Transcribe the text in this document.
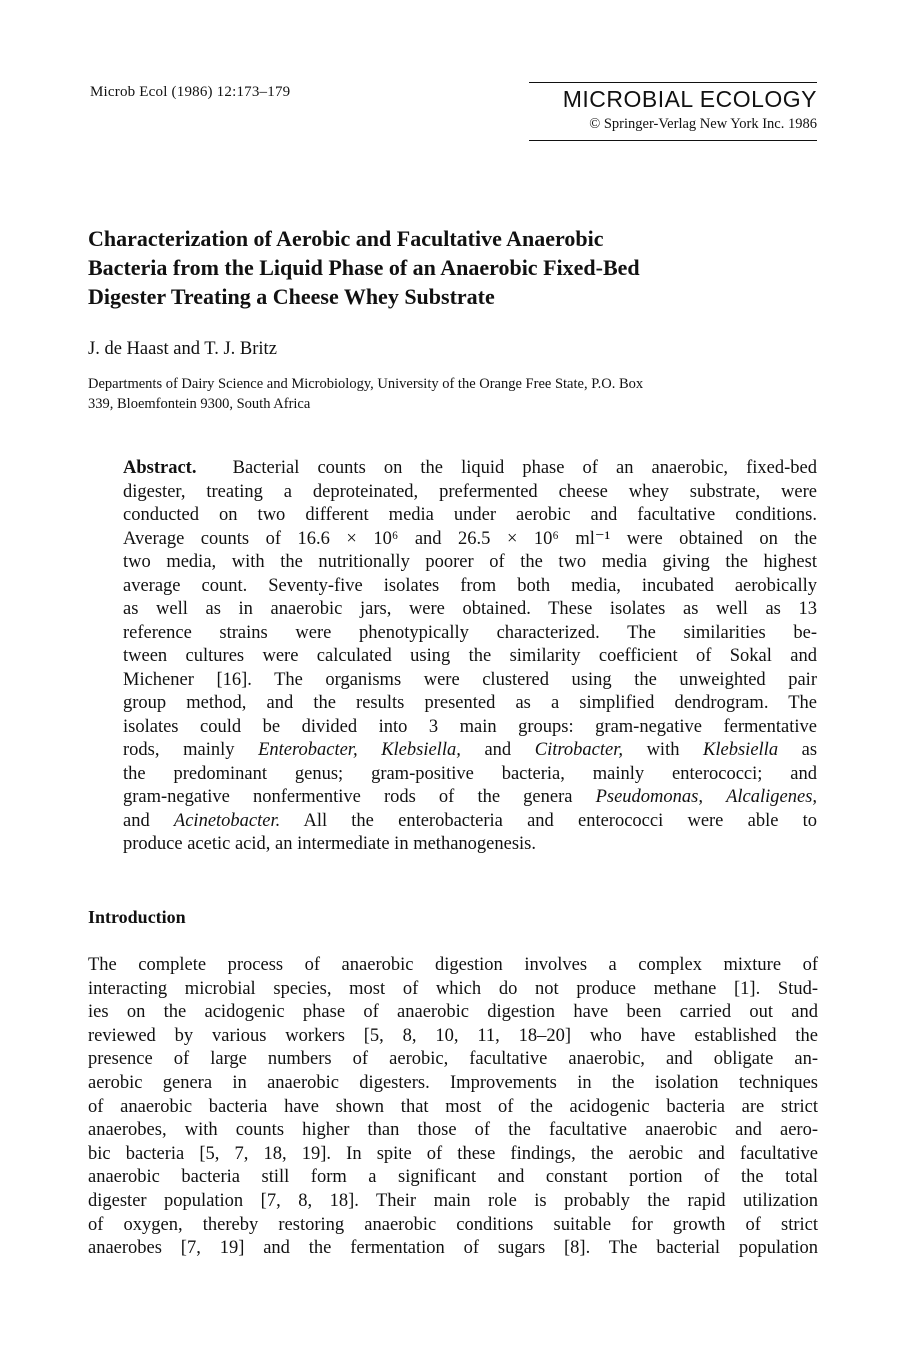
Microb Ecol (1986) 12:173–179	MICROBIAL ECOLOGY
© Springer-Verlag New York Inc. 1986
Characterization of Aerobic and Facultative Anaerobic
Bacteria from the Liquid Phase of an Anaerobic Fixed-Bed
Digester Treating a Cheese Whey Substrate
J. de Haast and T. J. Britz
Departments of Dairy Science and Microbiology, University of the Orange Free State, P.O. Box
339, Bloemfontein 9300, South Africa
Abstract. Bacterial counts on the liquid phase of an anaerobic, fixed-bed
digester, treating a deproteinated, prefermented cheese whey substrate, were
conducted on two different media under aerobic and facultative conditions.
Average counts of 16.6 × 10⁶ and 26.5 × 10⁶ ml⁻¹ were obtained on the
two media, with the nutritionally poorer of the two media giving the highest
average count. Seventy-five isolates from both media, incubated aerobically
as well as in anaerobic jars, were obtained. These isolates as well as 13
reference strains were phenotypically characterized. The similarities be-
tween cultures were calculated using the similarity coefficient of Sokal and
Michener [16]. The organisms were clustered using the unweighted pair
group method, and the results presented as a simplified dendrogram. The
isolates could be divided into 3 main groups: gram-negative fermentative
rods, mainly Enterobacter, Klebsiella, and Citrobacter, with Klebsiella as
the predominant genus; gram-positive bacteria, mainly enterococci; and
gram-negative nonfermentive rods of the genera Pseudomonas, Alcaligenes,
and Acinetobacter. All the enterobacteria and enterococci were able to
produce acetic acid, an intermediate in methanogenesis.
Introduction
The complete process of anaerobic digestion involves a complex mixture of
interacting microbial species, most of which do not produce methane [1]. Stud-
ies on the acidogenic phase of anaerobic digestion have been carried out and
reviewed by various workers [5, 8, 10, 11, 18–20] who have established the
presence of large numbers of aerobic, facultative anaerobic, and obligate an-
aerobic genera in anaerobic digesters. Improvements in the isolation techniques
of anaerobic bacteria have shown that most of the acidogenic bacteria are strict
anaerobes, with counts higher than those of the facultative anaerobic and aero-
bic bacteria [5, 7, 18, 19]. In spite of these findings, the aerobic and facultative
anaerobic bacteria still form a significant and constant portion of the total
digester population [7, 8, 18]. Their main role is probably the rapid utilization
of oxygen, thereby restoring anaerobic conditions suitable for growth of strict
anaerobes [7, 19] and the fermentation of sugars [8]. The bacterial population
